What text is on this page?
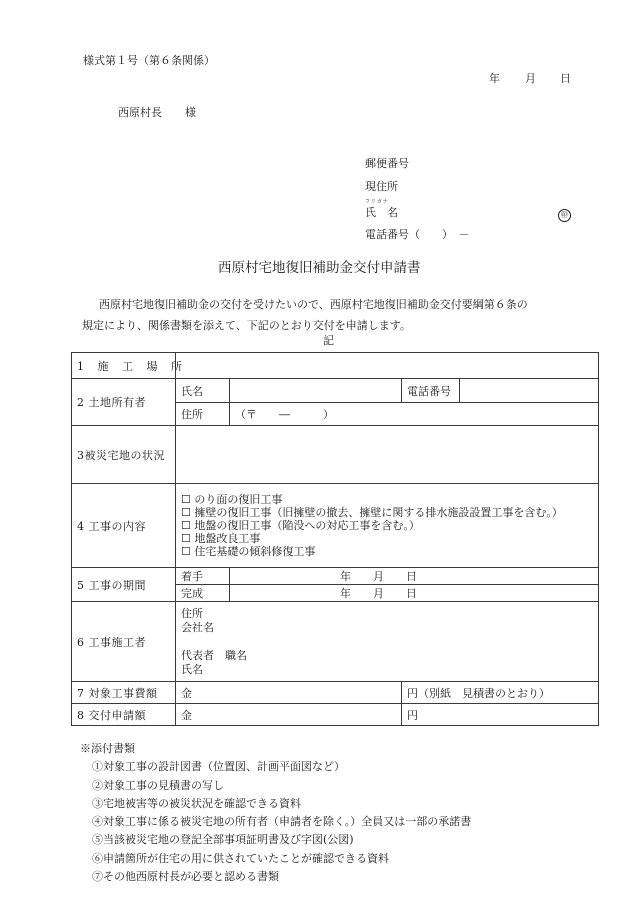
様式第１号（第６条関係）
年 月 日
西原村長 様
郵便番号
現住所
フリガナ
氏　名	㊞
電話番号（　　）　－
西原村宅地復旧補助金交付申請書

西原村宅地復旧補助金の交付を受けたいので、西原村宅地復旧補助金交付要綱第６条の

規定により、関係書類を添えて、下記のとおり交付を申請します。
記
1 施 工 場 所				
2 土地所有者	氏名		電話番号	
	住所	（〒　　―　　　）		
3被災宅地の状況				
4 工事の内容	☐ のり面の復旧工事
☐ 擁壁の復旧工事（旧擁壁の撤去、擁壁に関する排水施設設置工事を含む。）
☐ 地盤の復旧工事（陥没への対応工事を含む。）
☐ 地盤改良工事
☐ 住宅基礎の傾斜修復工事			

5 工事の期間	着手	年　　月　　日		
	完成	年　　月　　日		
6 工事施工者	住所
会社名
代表者　職名
氏名			

7 対象工事費額	金		円（別紙　見積書のとおり）	
8 交付申請額	金		円	
※添付書類
①対象工事の設計図書（位置図、計画平面図など）
②対象工事の見積書の写し
③宅地被害等の被災状況を確認できる資料
④対象工事に係る被災宅地の所有者（申請者を除く。）全員又は一部の承諾書
⑤当該被災宅地の登記全部事項証明書及び字図(公図)
⑥申請箇所が住宅の用に供されていたことが確認できる資料
⑦その他西原村長が必要と認める書類
